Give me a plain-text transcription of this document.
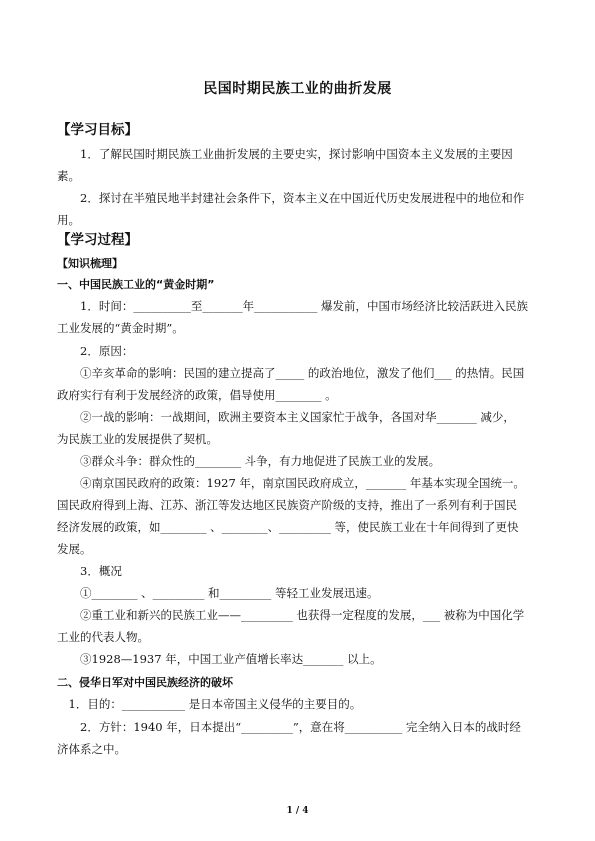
民国时期民族工业的曲折发展
【学习目标】
　　1．了解民国时期民族工业曲折发展的主要史实，探讨影响中国资本主义发展的主要因
素。
　　2．探讨在半殖民地半封建社会条件下，资本主义在中国近代历史发展进程中的地位和作
用。
【学习过程】
【知识梳理】
一、中国民族工业的“黄金时期”
　　1．时间：__________至_______年___________ 爆发前，中国市场经济比较活跃进入民族
工业发展的“黄金时期”。
　　2．原因：
　　①辛亥革命的影响：民国的建立提高了_____ 的政治地位，激发了他们___ 的热情。民国
政府实行有利于发展经济的政策，倡导使用________ 。
　　②一战的影响：一战期间，欧洲主要资本主义国家忙于战争，各国对华_______ 减少，
为民族工业的发展提供了契机。
　　③群众斗争：群众性的________ 斗争，有力地促进了民族工业的发展。
　　④南京国民政府的政策：1927 年，南京国民政府成立，_______ 年基本实现全国统一。
国民政府得到上海、江苏、浙江等发达地区民族资产阶级的支持，推出了一系列有利于国民
经济发展的政策，如________ 、________、_________ 等，使民族工业在十年间得到了更快
发展。
　　3．概况
　　①________ 、_________ 和_________ 等轻工业发展迅速。
　　②重工业和新兴的民族工业——_________ 也获得一定程度的发展，___ 被称为中国化学
工业的代表人物。
　　③1928—1937 年，中国工业产值增长率达_______ 以上。
二、侵华日军对中国民族经济的破坏
　1．目的：___________ 是日本帝国主义侵华的主要目的。
　　2．方针：1940 年，日本提出“_________”，意在将__________ 完全纳入日本的战时经
济体系之中。
1 / 4
